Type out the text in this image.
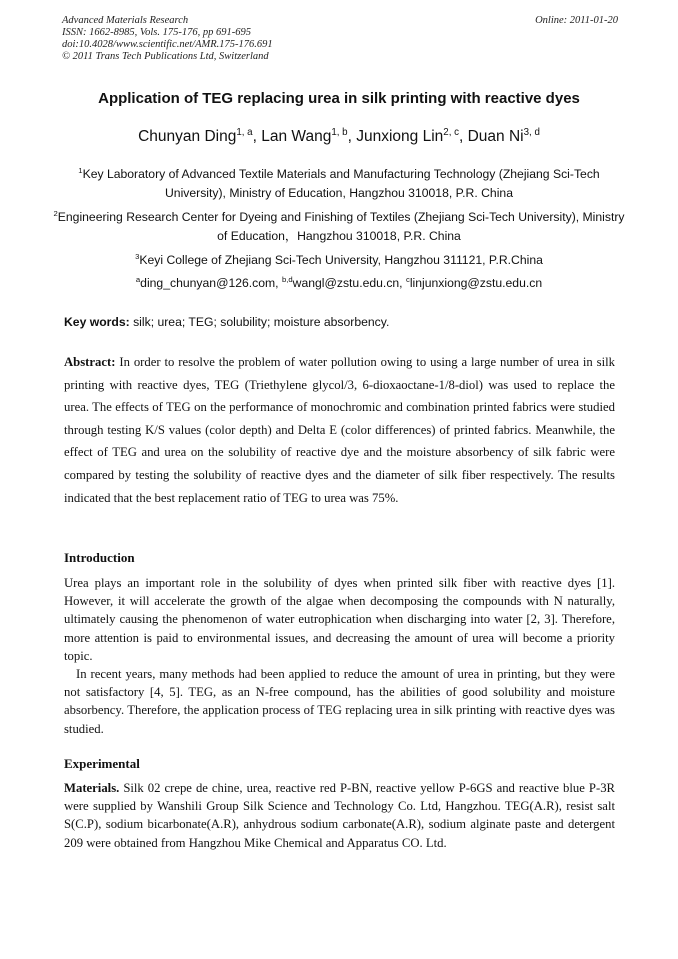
Advanced Materials Research
ISSN: 1662-8985, Vols. 175-176, pp 691-695
doi:10.4028/www.scientific.net/AMR.175-176.691
© 2011 Trans Tech Publications Ltd, Switzerland
Online: 2011-01-20
Application of TEG replacing urea in silk printing with reactive dyes
Chunyan Ding$^{1, a}$, Lan Wang$^{1, b}$, Junxiong Lin$^{2, c}$, Duan Ni$^{3, d}$
$^1$Key Laboratory of Advanced Textile Materials and Manufacturing Technology (Zhejiang Sci-Tech University), Ministry of Education, Hangzhou 310018, P.R. China
$^2$Engineering Research Center for Dyeing and Finishing of Textiles (Zhejiang Sci-Tech University), Ministry of Education，Hangzhou 310018, P.R. China
$^3$Keyi College of Zhejiang Sci-Tech University, Hangzhou 311121, P.R.China
$^a$ding_chunyan@126.com, $^{b,d}$wangl@zstu.edu.cn, $^c$linjunxiong@zstu.edu.cn
Key words: silk; urea; TEG; solubility; moisture absorbency.
Abstract: In order to resolve the problem of water pollution owing to using a large number of urea in silk printing with reactive dyes, TEG (Triethylene glycol/3, 6-dioxaoctane-1/8-diol) was used to replace the urea. The effects of TEG on the performance of monochromic and combination printed fabrics were studied through testing K/S values (color depth) and Delta E (color differences) of printed fabrics. Meanwhile, the effect of TEG and urea on the solubility of reactive dye and the moisture absorbency of silk fabric were compared by testing the solubility of reactive dyes and the diameter of silk fiber respectively. The results indicated that the best replacement ratio of TEG to urea was 75%.
Introduction

Urea plays an important role in the solubility of dyes when printed silk fiber with reactive dyes [1]. However, it will accelerate the growth of the algae when decomposing the compounds with N naturally, ultimately causing the phenomenon of water eutrophication when discharging into water [2, 3]. Therefore, more attention is paid to environmental issues, and decreasing the amount of urea will become a priority topic.

In recent years, many methods had been applied to reduce the amount of urea in printing, but they were not satisfactory [4, 5]. TEG, as an N-free compound, has the abilities of good solubility and moisture absorbency. Therefore, the application process of TEG replacing urea in silk printing with reactive dyes was studied.

Experimental
Materials. Silk 02 crepe de chine, urea, reactive red P-BN, reactive yellow P-6GS and reactive blue P-3R were supplied by Wanshili Group Silk Science and Technology Co. Ltd, Hangzhou. TEG(A.R), resist salt S(C.P), sodium bicarbonate(A.R), anhydrous sodium carbonate(A.R), sodium alginate paste and detergent 209 were obtained from Hangzhou Mike Chemical and Apparatus CO. Ltd.
